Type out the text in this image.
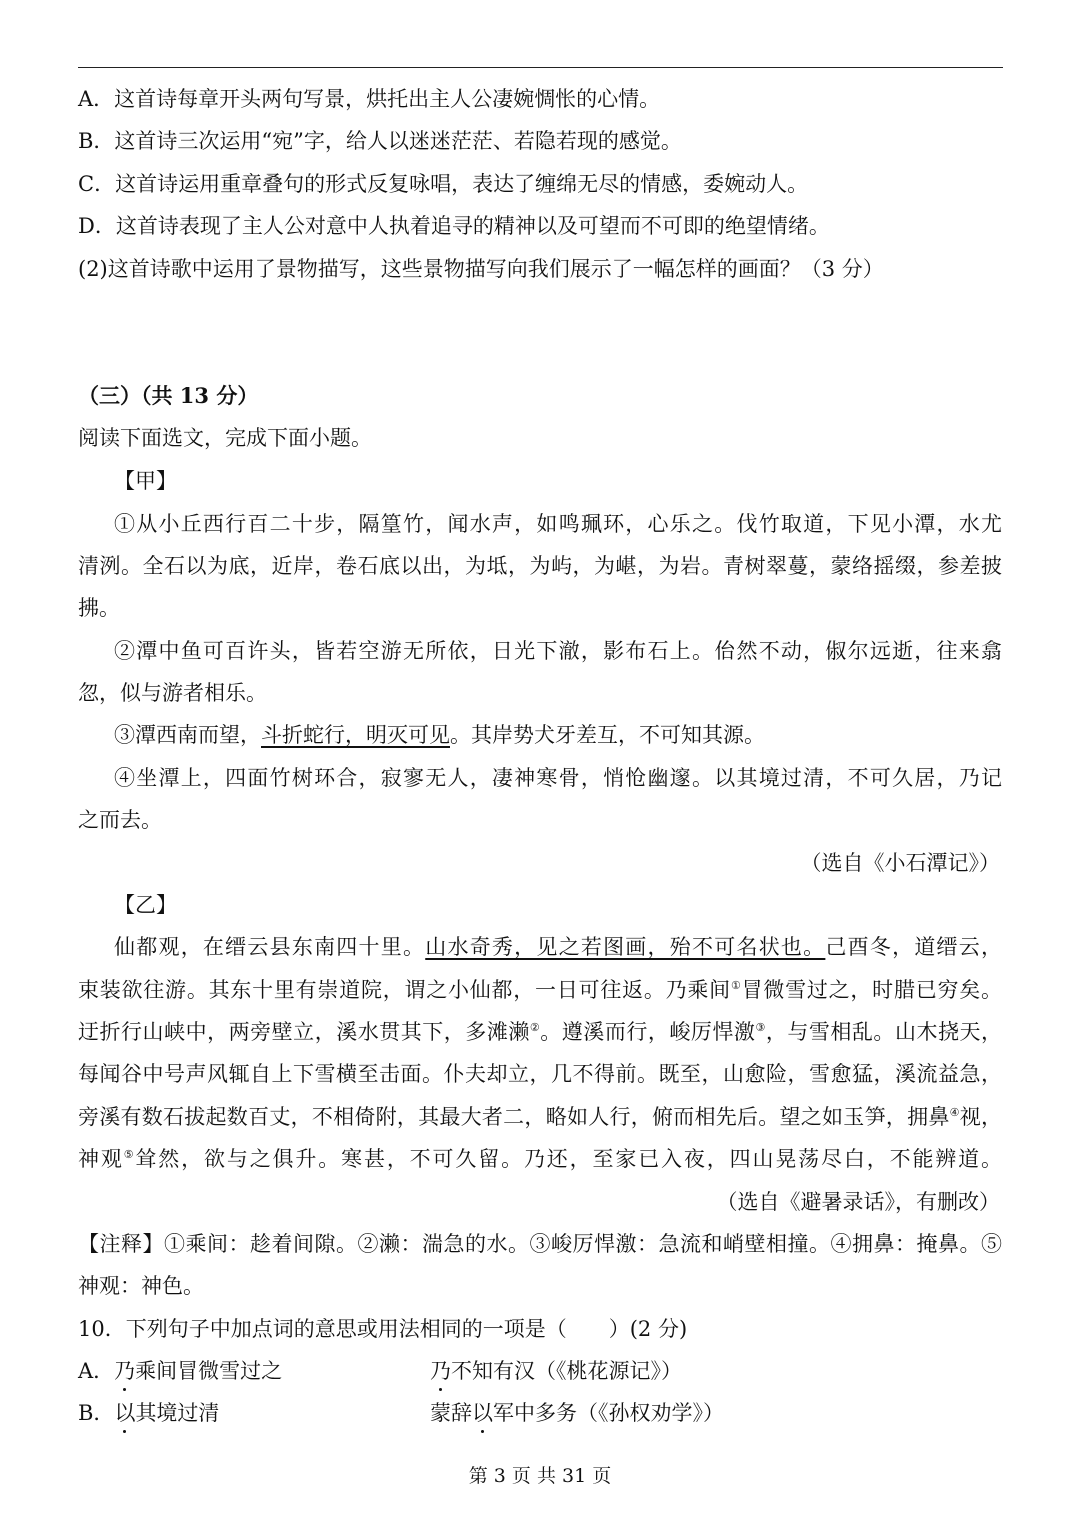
A．这首诗每章开头两句写景，烘托出主人公凄婉惆怅的心情。
B．这首诗三次运用“宛”字，给人以迷迷茫茫、若隐若现的感觉。
C．这首诗运用重章叠句的形式反复咏唱，表达了缠绵无尽的情感，委婉动人。
D．这首诗表现了主人公对意中人执着追寻的精神以及可望而不可即的绝望情绪。
(2)这首诗歌中运用了景物描写，这些景物描写向我们展示了一幅怎样的画面？（3 分）
（三）（共 13 分）
阅读下面选文，完成下面小题。
【甲】
①从小丘西行百二十步，隔篁竹，闻水声，如鸣珮环，心乐之。伐竹取道，下见小潭，水尤
清洌。全石以为底，近岸，卷石底以出，为坻，为屿，为嵁，为岩。青树翠蔓，蒙络摇缀，参差披
拂。
②潭中鱼可百许头，皆若空游无所依，日光下澈，影布石上。佁然不动，俶尔远逝，往来翕
忽，似与游者相乐。
③潭西南而望，斗折蛇行，明灭可见。其岸势犬牙差互，不可知其源。
④坐潭上，四面竹树环合，寂寥无人，凄神寒骨，悄怆幽邃。以其境过清，不可久居，乃记
之而去。
（选自《小石潭记》）
【乙】
仙都观，在缙云县东南四十里。山水奇秀，见之若图画，殆不可名状也。己酉冬，道缙云，
束装欲往游。其东十里有崇道院，谓之小仙都，一日可往返。乃乘间①冒微雪过之，时腊已穷矣。
迂折行山峡中，两旁壁立，溪水贯其下，多滩濑②。遵溪而行，峻厉悍激③，与雪相乱。山木挠天，
每闻谷中号声风辄自上下雪横至击面。仆夫却立，几不得前。既至，山愈险，雪愈猛，溪流益急，
旁溪有数石拔起数百丈，不相倚附，其最大者二，略如人行，俯而相先后。望之如玉笋，拥鼻④视，
神观⑤耸然，欲与之俱升。寒甚，不可久留。乃还，至家已入夜，四山晃荡尽白，不能辨道。
（选自《避暑录话》，有删改）
【注释】①乘间：趁着间隙。②濑：湍急的水。③峻厉悍激：急流和峭壁相撞。④拥鼻：掩鼻。⑤
神观：神色。
10．下列句子中加点词的意思或用法相同的一项是（　　）(2 分)
A．乃乘间冒微雪过之	乃不知有汉（《桃花源记》）
B．以其境过清	蒙辞以军中多务（《孙权劝学》）
第 3 页 共 31 页
